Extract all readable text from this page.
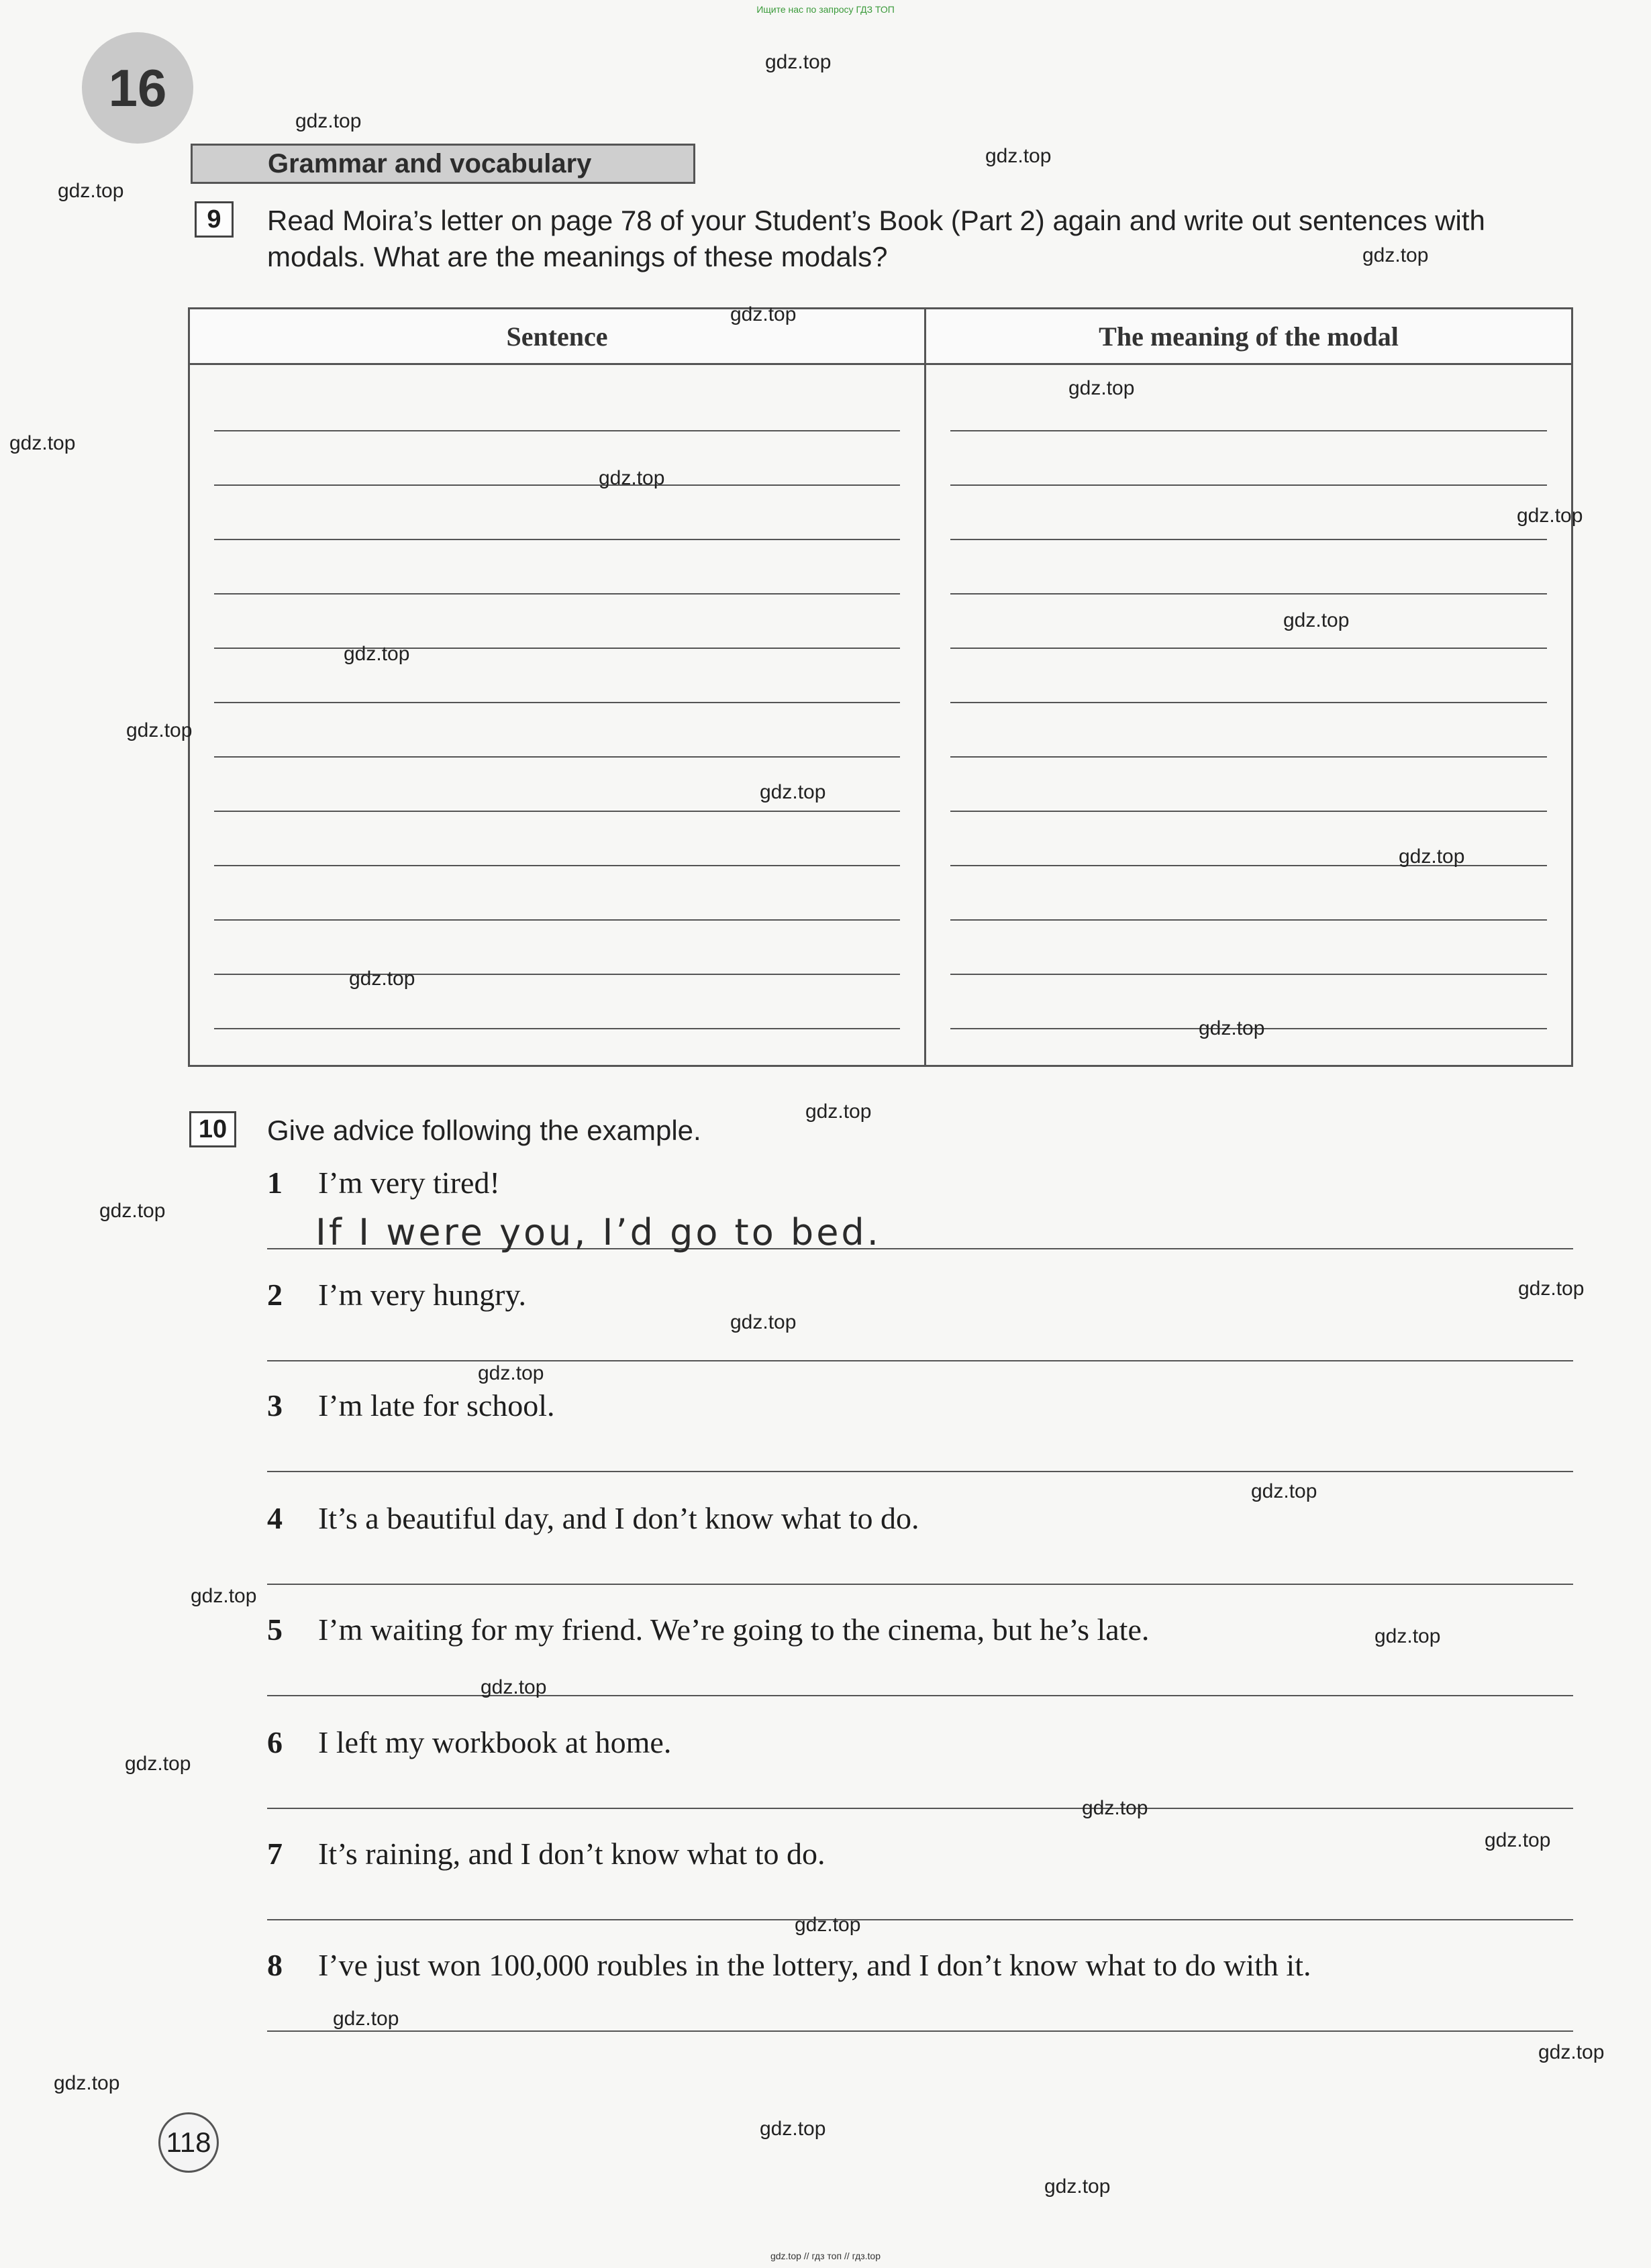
Ищите нас по запросу ГДЗ ТОП
16
Grammar and vocabulary
9	Read Moira’s letter on page 78 of your Student’s Book (Part 2) again and write out sentences with modals. What are the meanings of these modals?
Sentence	The meaning of the modal

10	Give advice following the example.
1 I’m very tired!
If I were you, I’d go to bed.
2 I’m very hungry.
3 I’m late for school.
4 It’s a beautiful day, and I don’t know what to do.
5 I’m waiting for my friend. We’re going to the cinema, but he’s late.
6 I left my workbook at home.
7 It’s raining, and I don’t know what to do.
8 I’ve just won 100,000 roubles in the lottery, and I don’t know what to do with it.
118
gdz.top
gdz.top
gdz.top
gdz.top
gdz.top
gdz.top
gdz.top
gdz.top
gdz.top
gdz.top
gdz.top
gdz.top
gdz.top
gdz.top
gdz.top
gdz.top
gdz.top
gdz.top
gdz.top
gdz.top
gdz.top
gdz.top
gdz.top
gdz.top
gdz.top
gdz.top
gdz.top
gdz.top
gdz.top
gdz.top
gdz.top
gdz.top
gdz.top
gdz.top
gdz.top
gdz.top // гдз топ // гдз.top
